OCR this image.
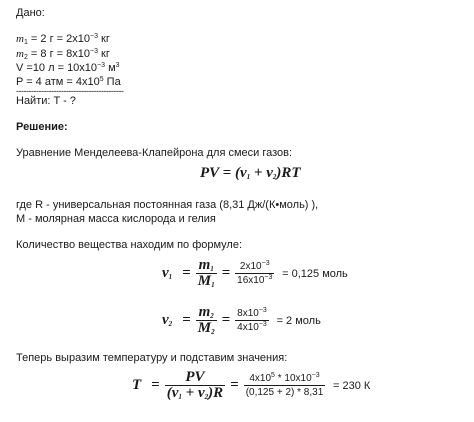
Дано:
$m_1 = 2$ $г = 2x10^{-3}$ кг
$m_2 = 8$ $г = 8x10^{-3}$ кг
V =10 $л = 10x10^{-3}$ $м^3$
P = 4 атм = $4x10^5$ Па
-------------------------------------------
Найти: T - ?
Решение:
Уравнение Менделеева-Клапейрона для смеси газов:
PV = $(\nu_1 + \nu_2)RT$
где R - универсальная постоянная газа (8,31 Дж/(К•моль) ),
M - молярная масса кислорода и гелия
Количество вещества находим по формуле:
$\nu_1 = \frac{m_1}{M_1} = \frac{2x10^{-3}}{16x10^{-3}} = 0,125$ моль
$\nu_2 = \frac{m_2}{M_2} = \frac{8x10^{-3}}{4x10^{-3}} = 2$ моль
Теперь выразим температуру и подставим значения:
$T = \frac{PV}{(\nu_1 + \nu_2)R} = \frac{4x10^5 * 10x10^{-3}}{(0,125 + 2) * 8,31} = 230$ К
